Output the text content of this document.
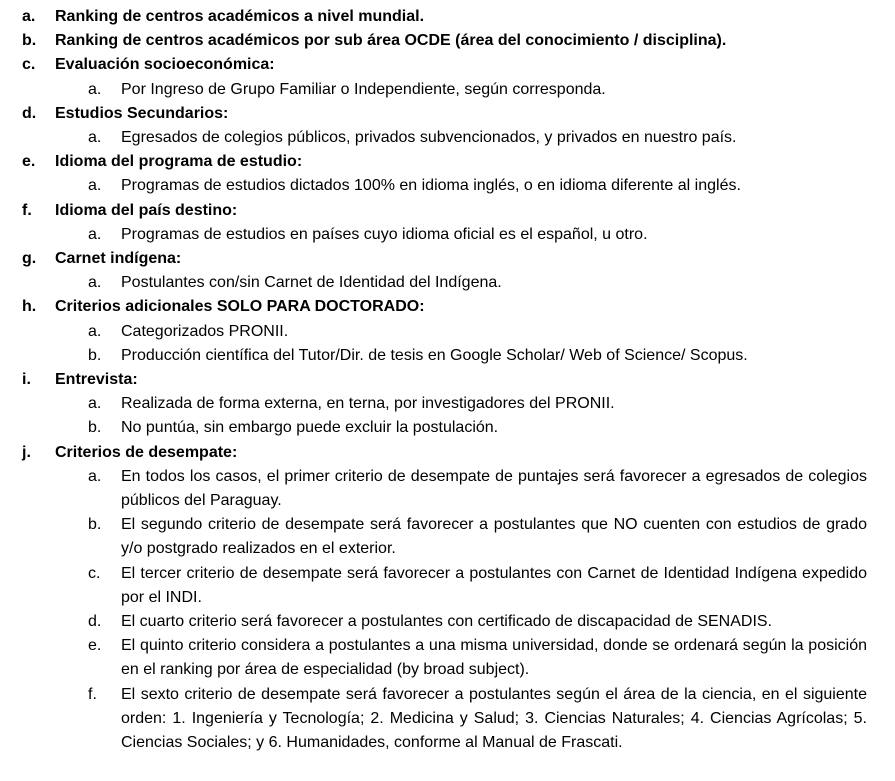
a.	Ranking de centros académicos a nivel mundial.
b.	Ranking de centros académicos por sub área OCDE (área del conocimiento / disciplina).
c.	Evaluación socioeconómica:
a.	Por Ingreso de Grupo Familiar o Independiente, según corresponda.
d.	Estudios Secundarios:
a.	Egresados de colegios públicos, privados subvencionados, y privados en nuestro país.
e.	Idioma del programa de estudio:
a.	Programas de estudios dictados 100% en idioma inglés, o en idioma diferente al inglés.
f.	Idioma del país destino:
a.	Programas de estudios en países cuyo idioma oficial es el español, u otro.
g.	Carnet indígena:
a.	Postulantes con/sin Carnet de Identidad del Indígena.
h.	Criterios adicionales SOLO PARA DOCTORADO:
a.	Categorizados PRONII.
b.	Producción científica del Tutor/Dir. de tesis en Google Scholar/ Web of Science/ Scopus.
i.	Entrevista:
a.	Realizada de forma externa, en terna, por investigadores del PRONII.
b.	No puntúa, sin embargo puede excluir la postulación.
j.	Criterios de desempate:
a.	En todos los casos, el primer criterio de desempate de puntajes será favorecer a egresados de colegios públicos del Paraguay.
b.	El segundo criterio de desempate será favorecer a postulantes que NO cuenten con estudios de grado y/o postgrado realizados en el exterior.
c.	El tercer criterio de desempate será favorecer a postulantes con Carnet de Identidad Indígena expedido por el INDI.
d.	El cuarto criterio será favorecer a postulantes con certificado de discapacidad de SENADIS.
e.	El quinto criterio considera a postulantes a una misma universidad, donde se ordenará según la posición en el ranking por área de especialidad (by broad subject).
f.	El sexto criterio de desempate será favorecer a postulantes según el área de la ciencia, en el siguiente orden: 1. Ingeniería y Tecnología; 2. Medicina y Salud; 3. Ciencias Naturales; 4. Ciencias Agrícolas; 5. Ciencias Sociales; y 6. Humanidades, conforme al Manual de Frascati.
